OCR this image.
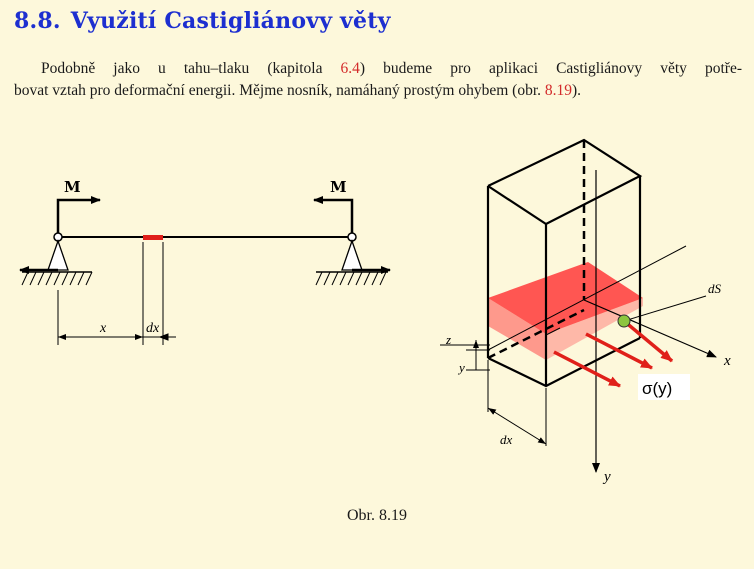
8.8. Využití Castigliánovy věty
Podobně jako u tahu–tlaku (kapitola 6.4) budeme pro aplikaci Castigliánovy věty potře-
bovat vztah pro deformační energii. Mějme nosník, namáhaný prostým ohybem (obr. 8.19).
M	M
x	dx
x
y
dS
σ(y)
z
y
dx
Obr. 8.19
